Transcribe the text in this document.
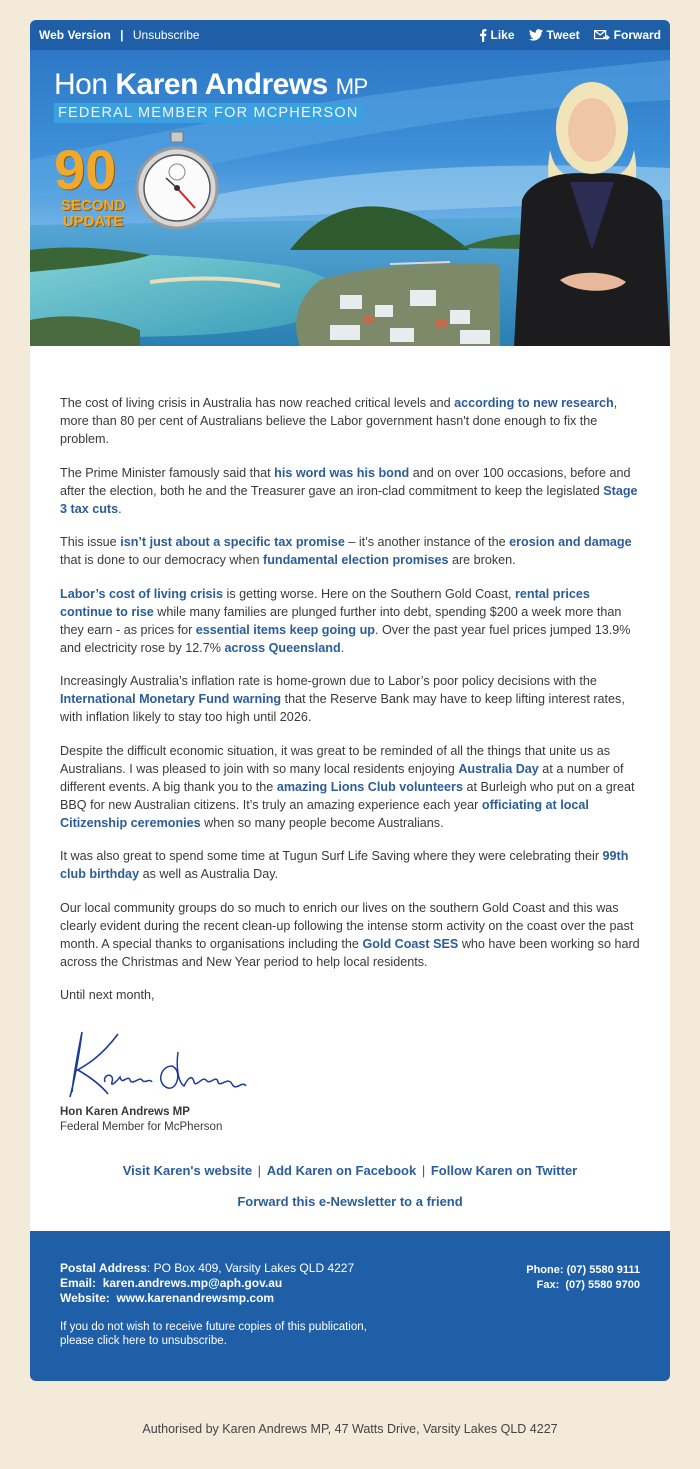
Web Version | Unsubscribe	Like	Tweet	Forward
Hon Karen Andrews MP
FEDERAL MEMBER FOR MCPHERSON
90
SECOND
UPDATE

The cost of living crisis in Australia has now reached critical levels and according to new research, more than 80 per cent of Australians believe the Labor government hasn't done enough to fix the problem.

The Prime Minister famously said that his word was his bond and on over 100 occasions, before and after the election, both he and the Treasurer gave an iron-clad commitment to keep the legislated Stage 3 tax cuts.

This issue isn’t just about a specific tax promise – it’s another instance of the erosion and damage that is done to our democracy when fundamental election promises are broken.

Labor’s cost of living crisis is getting worse. Here on the Southern Gold Coast, rental prices continue to rise while many families are plunged further into debt, spending $200 a week more than they earn - as prices for essential items keep going up. Over the past year fuel prices jumped 13.9% and electricity rose by 12.7% across Queensland.

Increasingly Australia’s inflation rate is home-grown due to Labor’s poor policy decisions with the International Monetary Fund warning that the Reserve Bank may have to keep lifting interest rates, with inflation likely to stay too high until 2026.

Despite the difficult economic situation, it was great to be reminded of all the things that unite us as Australians. I was pleased to join with so many local residents enjoying Australia Day at a number of different events. A big thank you to the amazing Lions Club volunteers at Burleigh who put on a great BBQ for new Australian citizens. It’s truly an amazing experience each year officiating at local Citizenship ceremonies when so many people become Australians.

It was also great to spend some time at Tugun Surf Life Saving where they were celebrating their 99th club birthday as well as Australia Day.

Our local community groups do so much to enrich our lives on the southern Gold Coast and this was clearly evident during the recent clean-up following the intense storm activity on the coast over the past month. A special thanks to organisations including the Gold Coast SES who have been working so hard across the Christmas and New Year period to help local residents.

Until next month,

Hon Karen Andrews MP
Federal Member for McPherson
Visit Karen's website | Add Karen on Facebook | Follow Karen on Twitter
Forward this e-Newsletter to a friend
Postal Address: PO Box 409, Varsity Lakes QLD 4227
Email: karen.andrews.mp@aph.gov.au
Website: www.karenandrewsmp.com
If you do not wish to receive future copies of this publication,
please click here to unsubscribe.
Phone: (07) 5580 9111
Fax: (07) 5580 9700
Authorised by Karen Andrews MP, 47 Watts Drive, Varsity Lakes QLD 4227
